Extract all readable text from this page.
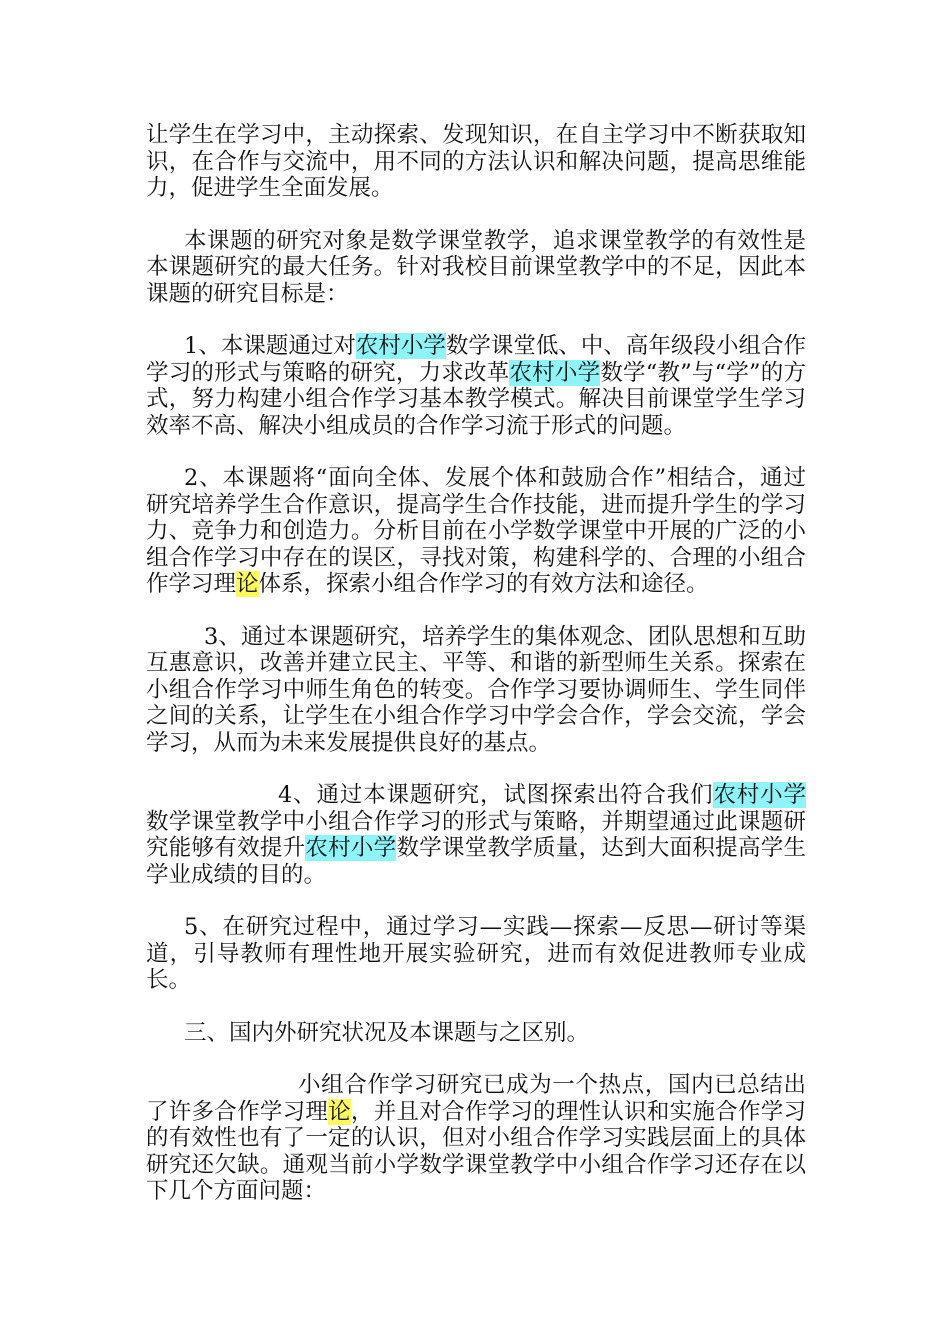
让学生在学习中，主动探索、发现知识，在自主学习中不断获取知识，在合作与交流中，用不同的方法认识和解决问题，提高思维能力，促进学生全面发展。

本课题的研究对象是数学课堂教学，追求课堂教学的有效性是本课题研究的最大任务。针对我校目前课堂教学中的不足，因此本课题的研究目标是：

1、本课题通过对农村小学数学课堂低、中、高年级段小组合作学习的形式与策略的研究，力求改革农村小学数学“教”与“学”的方式，努力构建小组合作学习基本教学模式。解决目前课堂学生学习效率不高、解决小组成员的合作学习流于形式的问题。

2、本课题将“面向全体、发展个体和鼓励合作”相结合，通过研究培养学生合作意识，提高学生合作技能，进而提升学生的学习力、竞争力和创造力。分析目前在小学数学课堂中开展的广泛的小组合作学习中存在的误区，寻找对策，构建科学的、合理的小组合作学习理论体系，探索小组合作学习的有效方法和途径。

3、通过本课题研究，培养学生的集体观念、团队思想和互助互惠意识，改善并建立民主、平等、和谐的新型师生关系。探索在小组合作学习中师生角色的转变。合作学习要协调师生、学生同伴之间的关系，让学生在小组合作学习中学会合作，学会交流，学会学习，从而为未来发展提供良好的基点。

4、通过本课题研究，试图探索出符合我们农村小学数学课堂教学中小组合作学习的形式与策略，并期望通过此课题研究能够有效提升农村小学数学课堂教学质量，达到大面积提高学生学业成绩的目的。

5、在研究过程中，通过学习—实践—探索—反思—研讨等渠道，引导教师有理性地开展实验研究，进而有效促进教师专业成长。

三、国内外研究状况及本课题与之区别。

小组合作学习研究已成为一个热点，国内已总结出了许多合作学习理论，并且对合作学习的理性认识和实施合作学习的有效性也有了一定的认识，但对小组合作学习实践层面上的具体研究还欠缺。通观当前小学数学课堂教学中小组合作学习还存在以下几个方面问题：
